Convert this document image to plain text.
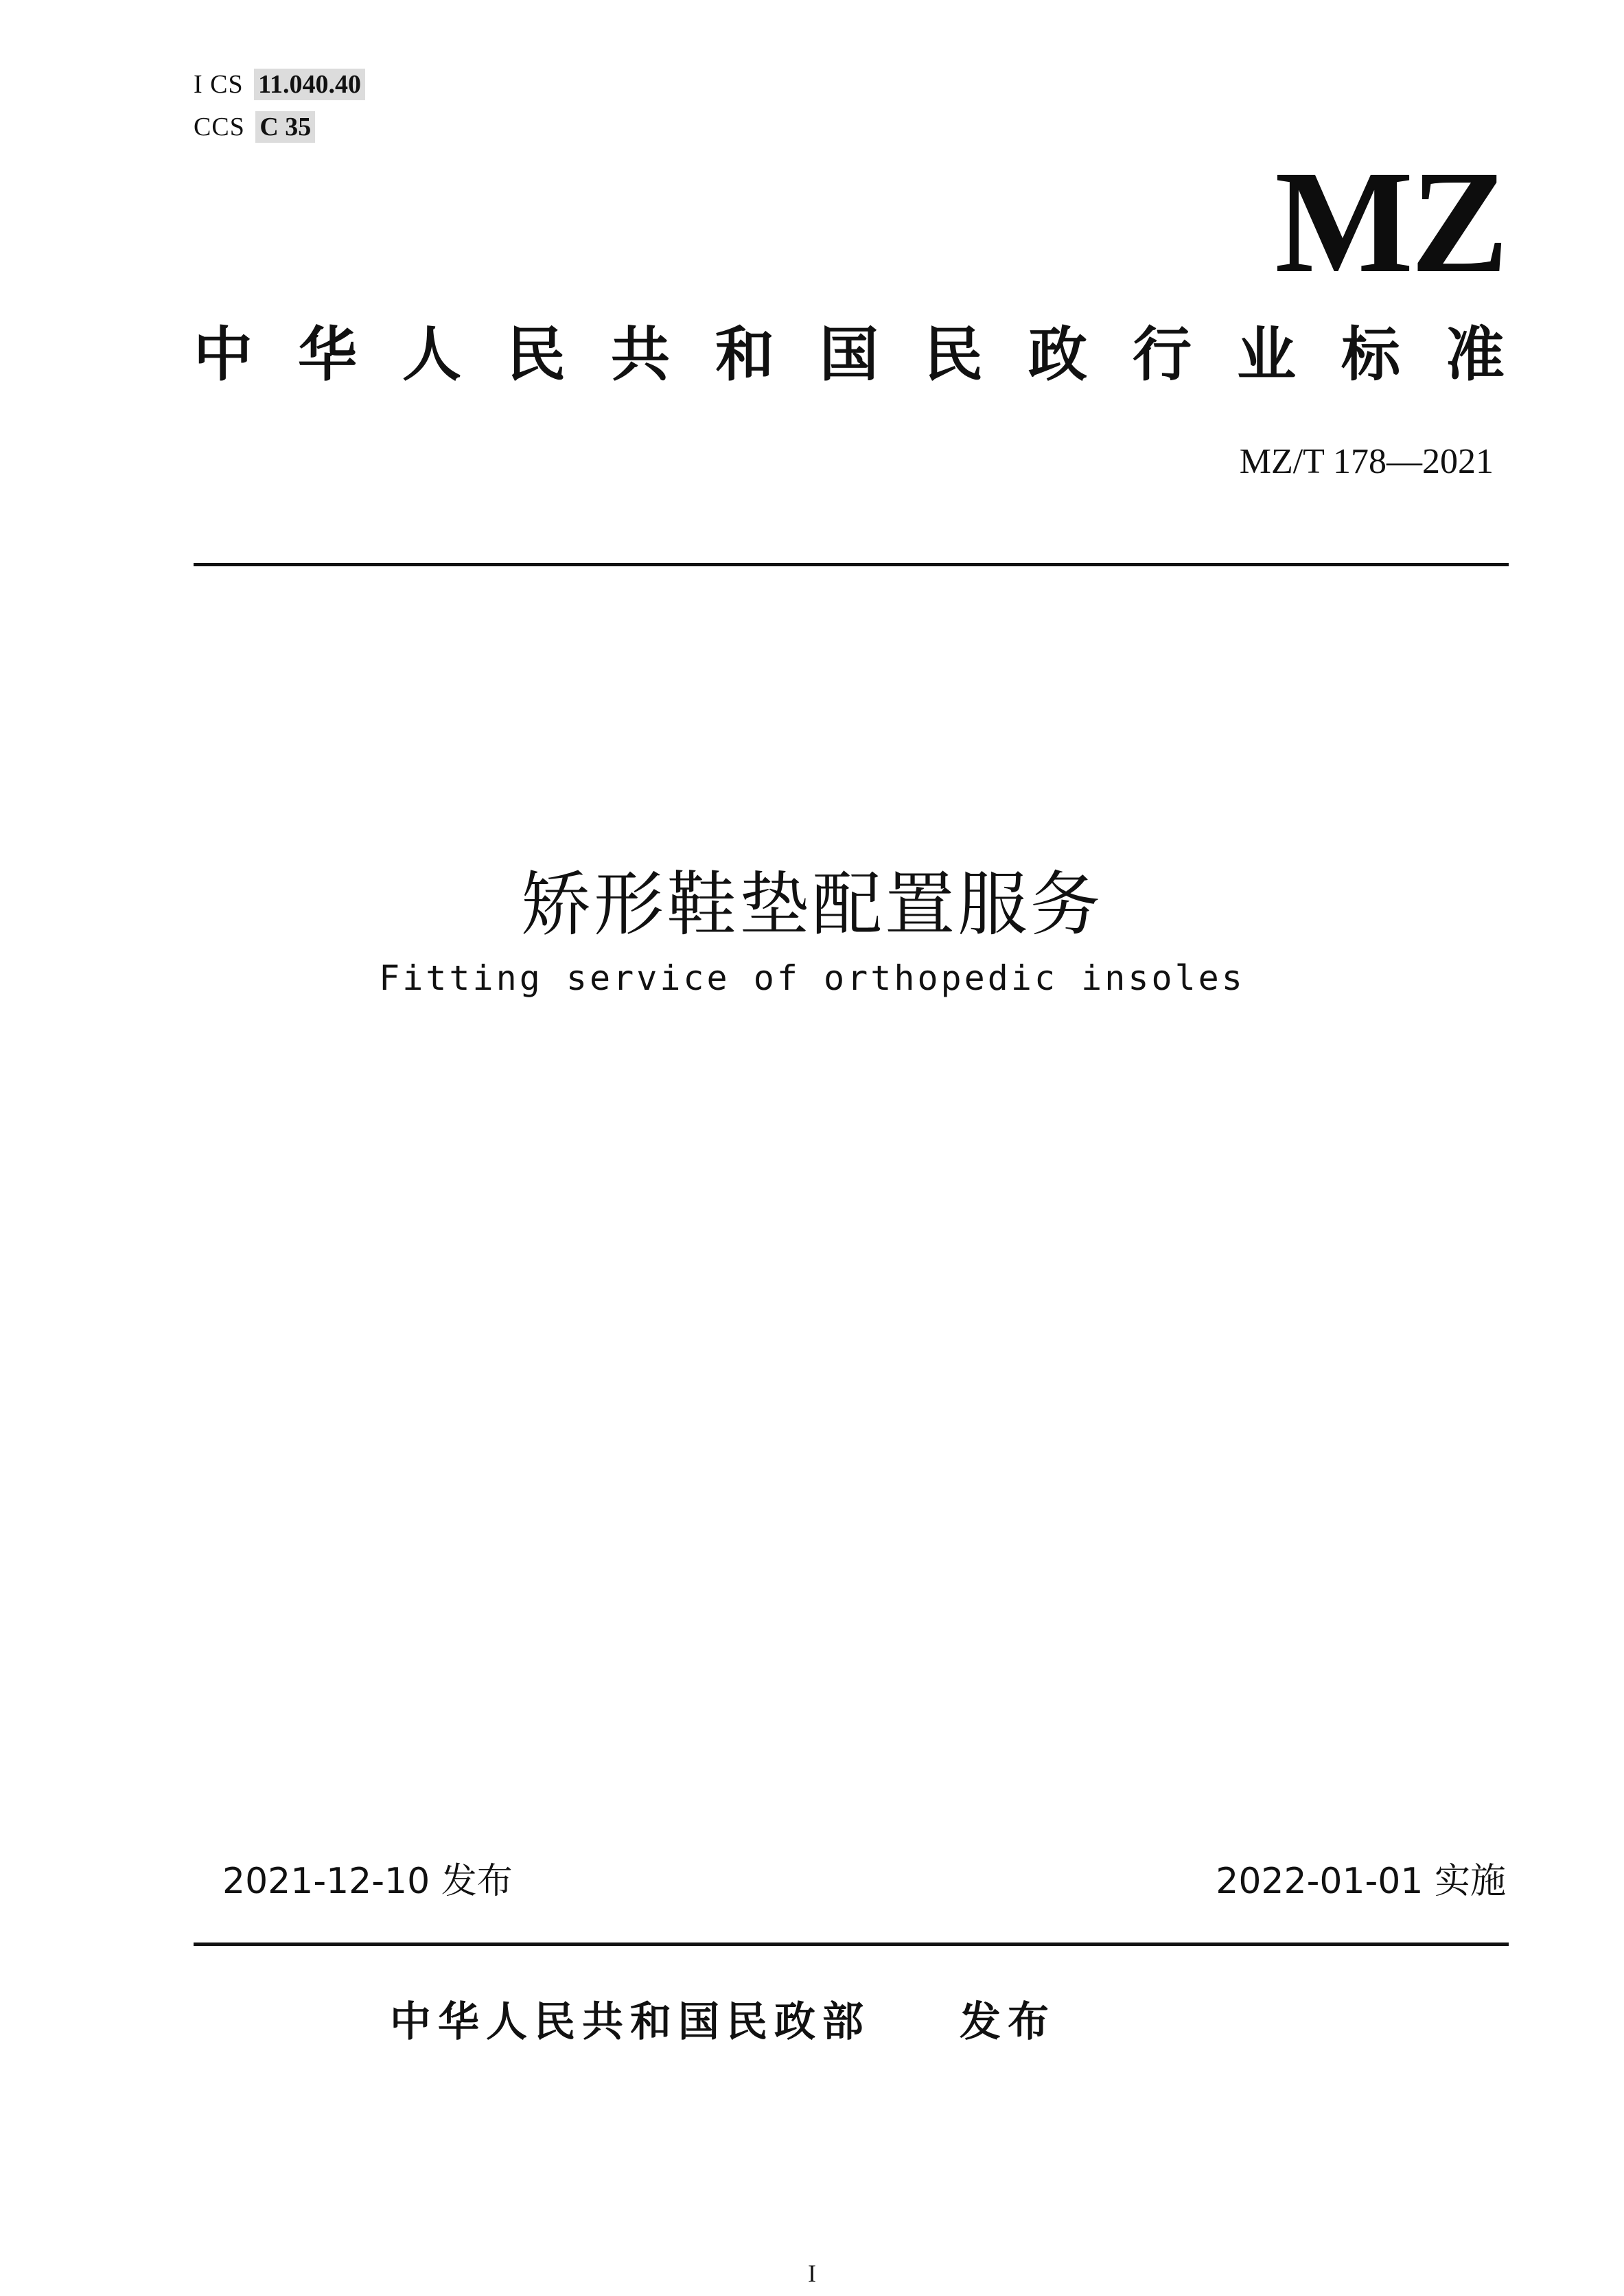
I CS 11.040.40
CCS C 35
MZ
中 华 人 民 共 和 国 民 政 行 业 标 准
MZ/T 178—2021
矫形鞋垫配置服务
Fitting service of orthopedic insoles
2021-12-10 发布	2022-01-01 实施
中华人民共和国民政部 发布
I
